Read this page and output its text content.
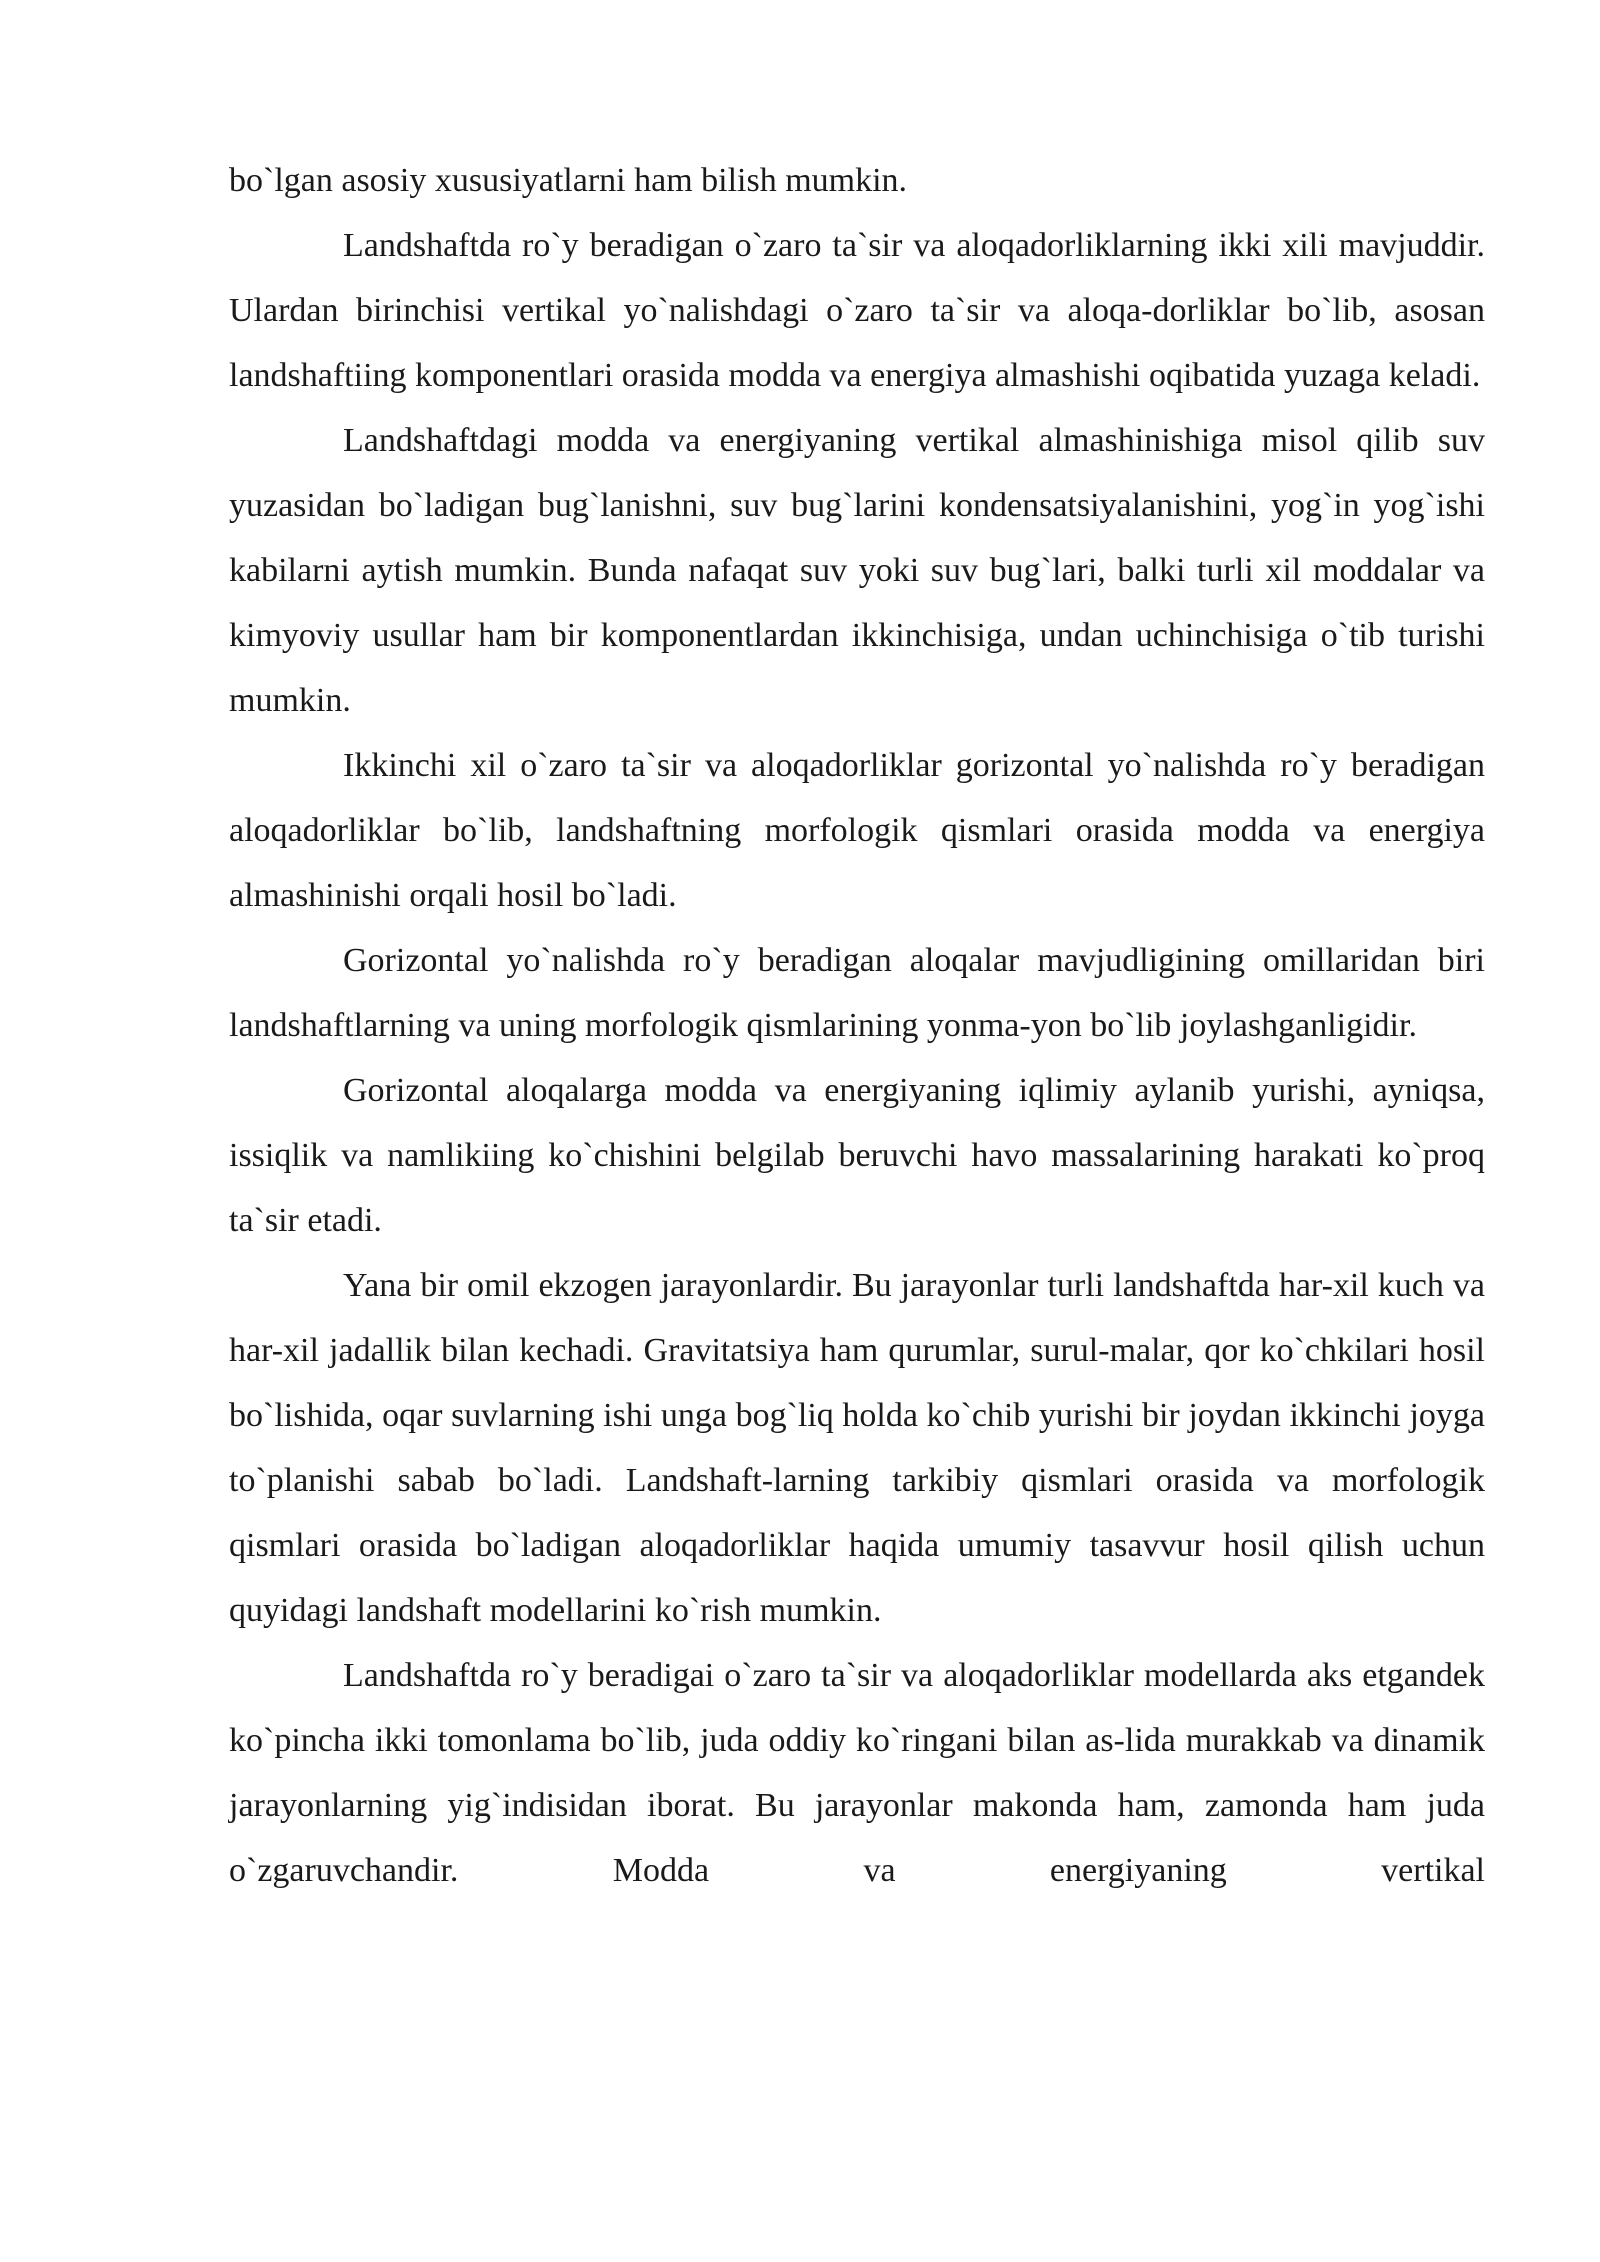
bo`lgan asosiy xususiyatlarni ham bilish mumkin.

Landshaftda ro`y beradigan o`zaro ta`sir va aloqadorliklarning ikki xili mavjuddir. Ulardan birinchisi vertikal yo`nalishdagi o`zaro ta`sir va aloqa-dorliklar bo`lib, asosan landshaftiing komponentlari orasida modda va energiya almashishi oqibatida yuzaga keladi.

Landshaftdagi modda va energiyaning vertikal almashinishiga misol qilib suv yuzasidan bo`ladigan bug`lanishni, suv bug`larini kondensatsiyalanishini, yog`in yog`ishi kabilarni aytish mumkin. Bunda nafaqat suv yoki suv bug`lari, balki turli xil moddalar va kimyoviy usullar ham bir komponentlardan ikkinchisiga, undan uchinchisiga o`tib turishi mumkin.

Ikkinchi xil o`zaro ta`sir va aloqadorliklar gorizontal yo`nalishda ro`y beradigan aloqadorliklar bo`lib, landshaftning morfologik qismlari orasida modda va energiya almashinishi orqali hosil bo`ladi.

Gorizontal yo`nalishda ro`y beradigan aloqalar mavjudligining omillaridan biri landshaftlarning va uning morfologik qismlarining yonma-yon bo`lib joylashganligidir.

Gorizontal aloqalarga modda va energiyaning iqlimiy aylanib yurishi, ayniqsa, issiqlik va namlikiing ko`chishini belgilab beruvchi havo massalarining harakati ko`proq ta`sir etadi.

Yana bir omil ekzogen jarayonlardir. Bu jarayonlar turli landshaftda har-xil kuch va har-xil jadallik bilan kechadi. Gravitatsiya ham qurumlar, surul-malar, qor ko`chkilari hosil bo`lishida, oqar suvlarning ishi unga bog`liq holda ko`chib yurishi bir joydan ikkinchi joyga to`planishi sabab bo`ladi. Landshaft-larning tarkibiy qismlari orasida va morfologik qismlari orasida bo`ladigan aloqadorliklar haqida umumiy tasavvur hosil qilish uchun quyidagi landshaft modellarini ko`rish mumkin.

Landshaftda ro`y beradigai o`zaro ta`sir va aloqadorliklar modellarda aks etgandek ko`pincha ikki tomonlama bo`lib, juda oddiy ko`ringani bilan as-lida murakkab va dinamik jarayonlarning yig`indisidan iborat. Bu jarayonlar makonda ham, zamonda ham juda o`zgaruvchandir. Modda va energiyaning vertikal
